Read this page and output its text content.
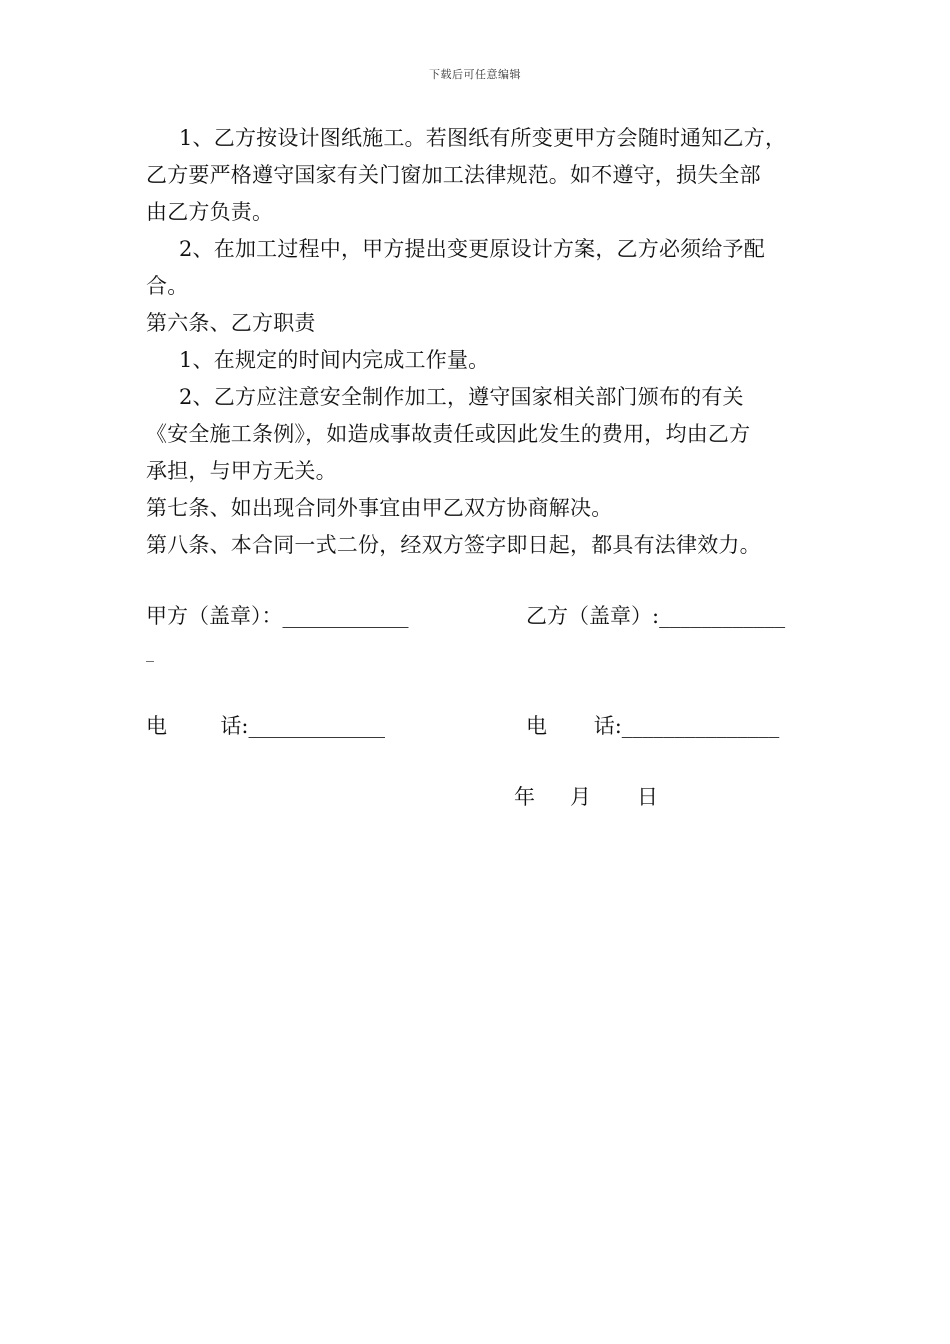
下载后可任意编辑
1、乙方按设计图纸施工。若图纸有所变更甲方会随时通知乙方，
乙方要严格遵守国家有关门窗加工法律规范。如不遵守，损失全部
由乙方负责。
2、在加工过程中，甲方提出变更原设计方案，乙方必须给予配
合。
第六条、乙方职责
1、在规定的时间内完成工作量。
2、乙方应注意安全制作加工，遵守国家相关部门颁布的有关
《安全施工条例》，如造成事故责任或因此发生的费用，均由乙方
承担，与甲方无关。
第七条、如出现合同外事宜由甲乙双方协商解决。
第八条、本合同一式二份，经双方签字即日起，都具有法律效力。
甲方（盖章）：____________
_
乙方（盖章）:____________
电        话:_____________	电       话:_______________
年 月 日
